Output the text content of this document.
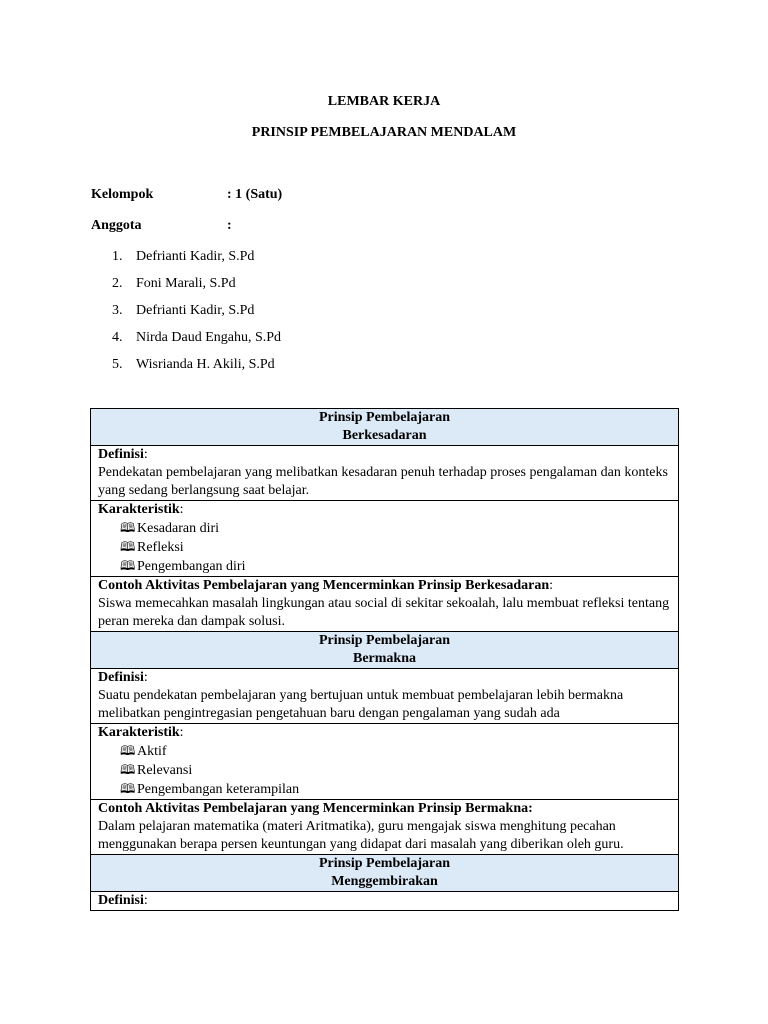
LEMBAR KERJA
PRINSIP PEMBELAJARAN MENDALAM
Kelompok	: 1 (Satu)
Anggota	:
1. Defrianti Kadir, S.Pd
2. Foni Marali, S.Pd
3. Defrianti Kadir, S.Pd
4. Nirda Daud Engahu, S.Pd
5. Wisrianda H. Akili, S.Pd
Prinsip Pembelajaran
Berkesadaran

Definisi:
Pendekatan pembelajaran yang melibatkan kesadaran penuh terhadap proses pengalaman dan konteks yang sedang berlangsung saat belajar.

Karakteristik:
🕮 Kesadaran diri
🕮 Refleksi
🕮 Pengembangan diri

Contoh Aktivitas Pembelajaran yang Mencerminkan Prinsip Berkesadaran:
Siswa memecahkan masalah lingkungan atau social di sekitar sekoalah, lalu membuat refleksi tentang peran mereka dan dampak solusi.

Prinsip Pembelajaran
Bermakna

Definisi:
Suatu pendekatan pembelajaran yang bertujuan untuk membuat pembelajaran lebih bermakna melibatkan pengintregasian pengetahuan baru dengan pengalaman yang sudah ada

Karakteristik:
🕮 Aktif
🕮 Relevansi
🕮 Pengembangan keterampilan

Contoh Aktivitas Pembelajaran yang Mencerminkan Prinsip Bermakna:
Dalam pelajaran matematika (materi Aritmatika), guru mengajak siswa menghitung pecahan menggunakan berapa persen keuntungan yang didapat dari masalah yang diberikan oleh guru.

Prinsip Pembelajaran
Menggembirakan

Definisi:
